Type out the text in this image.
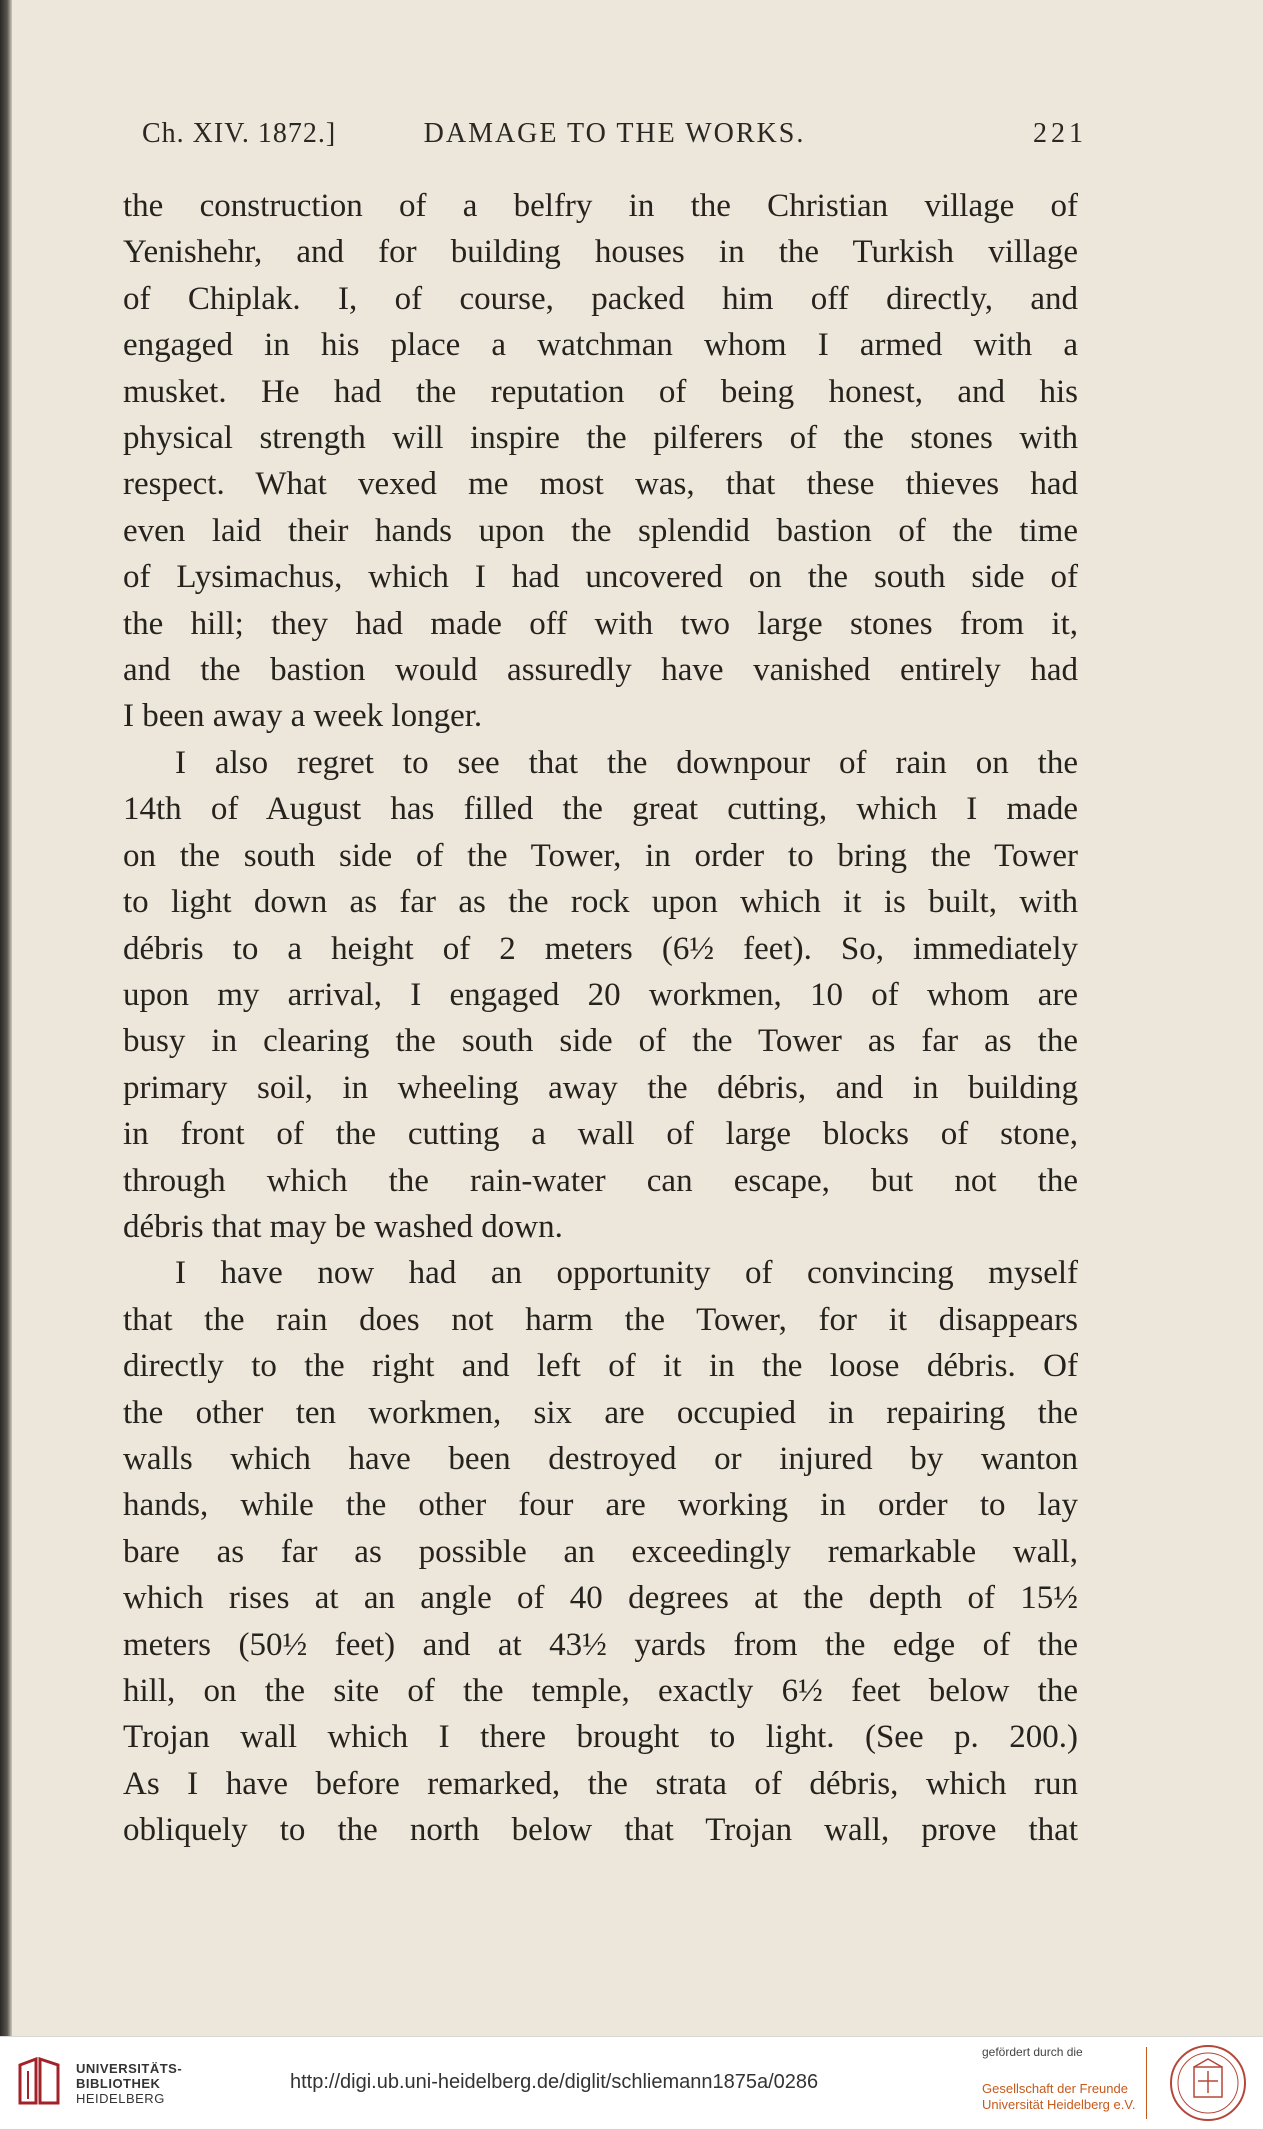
Ch. XIV. 1872.]	DAMAGE TO THE WORKS.	221

the construction of a belfry in the Christian village of

Yenishehr, and for building houses in the Turkish village

of Chiplak. I, of course, packed him off directly, and

engaged in his place a watchman whom I armed with a

musket. He had the reputation of being honest, and his

physical strength will inspire the pilferers of the stones with

respect. What vexed me most was, that these thieves had

even laid their hands upon the splendid bastion of the time

of Lysimachus, which I had uncovered on the south side of

the hill; they had made off with two large stones from it,

and the bastion would assuredly have vanished entirely had

I been away a week longer.

I also regret to see that the downpour of rain on the

14th of August has filled the great cutting, which I made

on the south side of the Tower, in order to bring the Tower

to light down as far as the rock upon which it is built, with

débris to a height of 2 meters (6½ feet). So, immediately

upon my arrival, I engaged 20 workmen, 10 of whom are

busy in clearing the south side of the Tower as far as the

primary soil, in wheeling away the débris, and in building

in front of the cutting a wall of large blocks of stone,

through which the rain-water can escape, but not the

débris that may be washed down.

I have now had an opportunity of convincing myself

that the rain does not harm the Tower, for it disappears

directly to the right and left of it in the loose débris. Of

the other ten workmen, six are occupied in repairing the

walls which have been destroyed or injured by wanton

hands, while the other four are working in order to lay

bare as far as possible an exceedingly remarkable wall,

which rises at an angle of 40 degrees at the depth of 15½

meters (50½ feet) and at 43½ yards from the edge of the

hill, on the site of the temple, exactly 6½ feet below the

Trojan wall which I there brought to light. (See p. 200.)

As I have before remarked, the strata of débris, which run

obliquely to the north below that Trojan wall, prove that

UNIVERSITÄTS-
BIBLIOTHEK
HEIDELBERG
http://digi.ub.uni-heidelberg.de/diglit/schliemann1875a/0286
gefördert durch die
Gesellschaft der Freunde
Universität Heidelberg e.V.
